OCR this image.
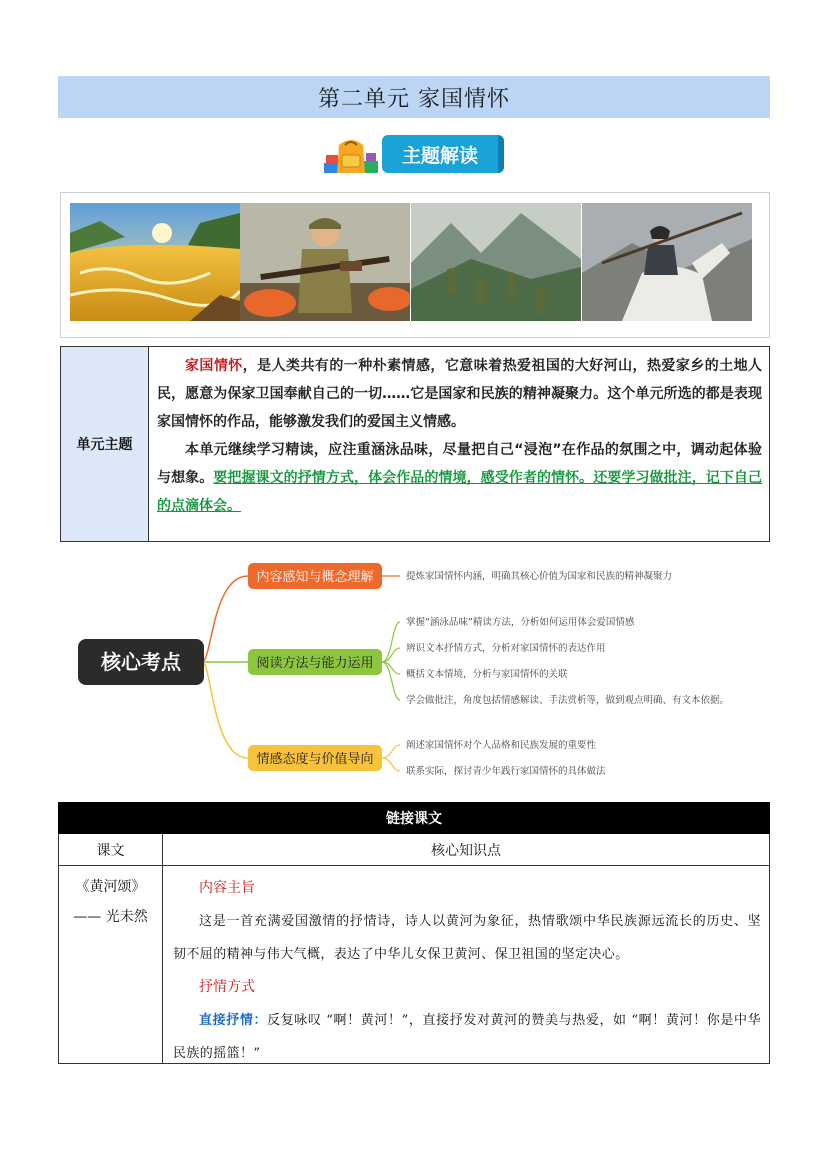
第二单元 家国情怀
主题解读
单元主题

家国情怀，是人类共有的一种朴素情感，它意味着热爱祖国的大好河山，热爱家乡的土地人民，愿意为保家卫国奉献自己的一切……它是国家和民族的精神凝聚力。这个单元所选的都是表现家国情怀的作品，能够激发我们的爱国主义情感。

本单元继续学习精读，应注重涵泳品味，尽量把自己“浸泡”在作品的氛围之中，调动起体验与想象。要把握课文的抒情方式，体会作品的情境，感受作者的情怀。还要学习做批注，记下自己的点滴体会。

核心考点
内容感知与概念理解	提炼家国情怀内涵，明确其核心价值为国家和民族的精神凝聚力
阅读方法与能力运用
掌握“涵泳品味”精读方法，分析如何运用体会爱国情感
辨识文本抒情方式，分析对家国情怀的表达作用
概括文本情境，分析与家国情怀的关联
学会做批注，角度包括情感解读、手法赏析等，做到观点明确、有文本依据。
情感态度与价值导向
阐述家国情怀对个人品格和民族发展的重要性
联系实际，探讨青少年践行家国情怀的具体做法
链接课文
课文	核心知识点
《黄河颂》
—— 光未然
内容主旨
这是一首充满爱国激情的抒情诗，诗人以黄河为象征，热情歌颂中华民族源远流长的历史、坚韧不屈的精神与伟大气概，表达了中华儿女保卫黄河、保卫祖国的坚定决心。
抒情方式
直接抒情：反复咏叹 “啊！黄河！”，直接抒发对黄河的赞美与热爱，如 “啊！黄河！你是中华民族的摇篮！”
